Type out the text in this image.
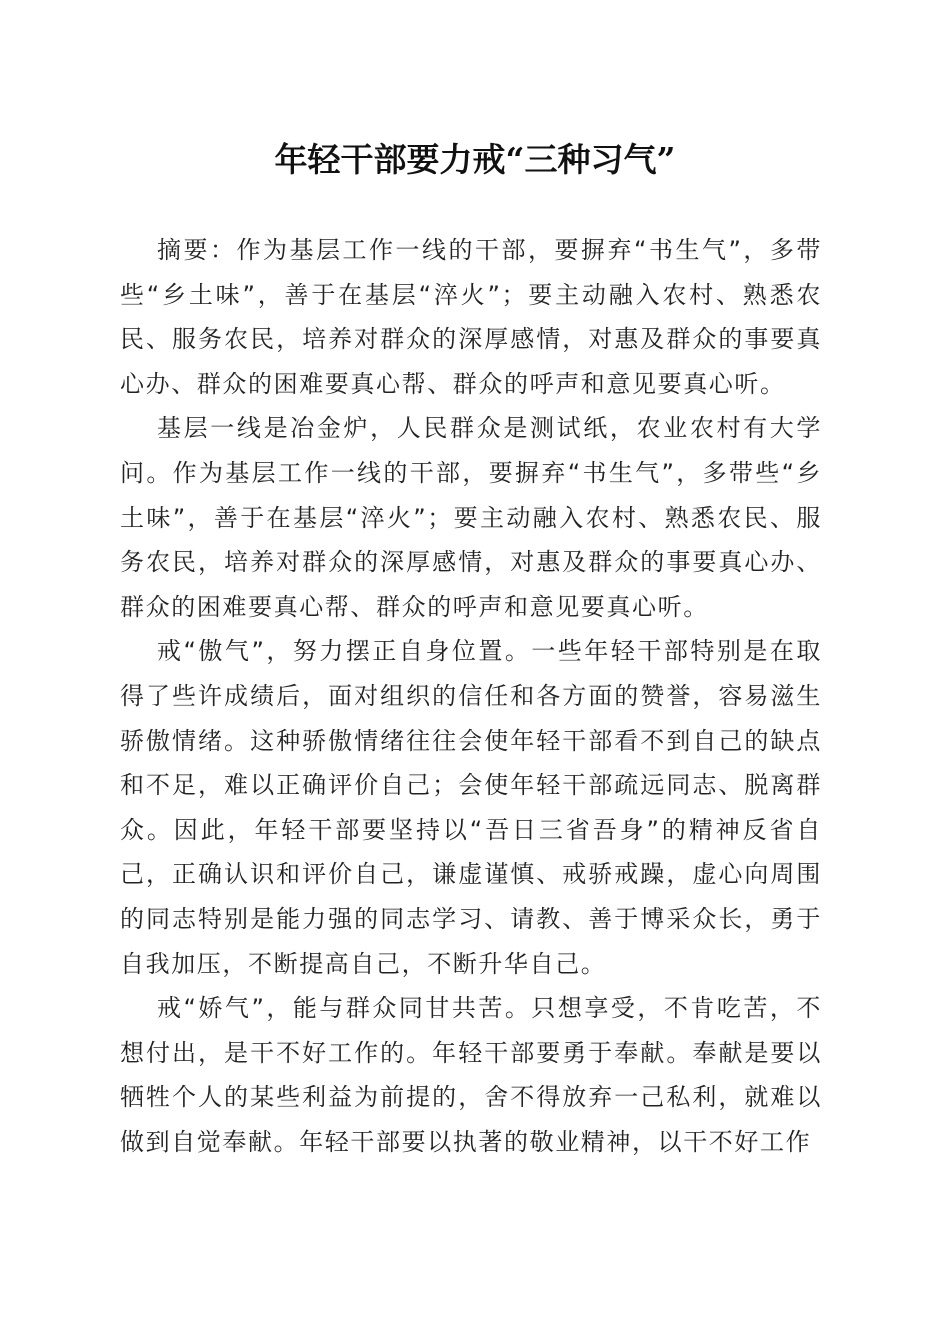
年轻干部要力戒“三种习气”

摘要：作为基层工作一线的干部，要摒弃“书生气”，多带些“乡土味”，善于在基层“淬火”；要主动融入农村、熟悉农民、服务农民，培养对群众的深厚感情，对惠及群众的事要真心办、群众的困难要真心帮、群众的呼声和意见要真心听。

基层一线是冶金炉，人民群众是测试纸，农业农村有大学问。作为基层工作一线的干部，要摒弃“书生气”，多带些“乡土味”，善于在基层“淬火”；要主动融入农村、熟悉农民、服务农民，培养对群众的深厚感情，对惠及群众的事要真心办、群众的困难要真心帮、群众的呼声和意见要真心听。

戒“傲气”，努力摆正自身位置。一些年轻干部特别是在取得了些许成绩后，面对组织的信任和各方面的赞誉，容易滋生骄傲情绪。这种骄傲情绪往往会使年轻干部看不到自己的缺点和不足，难以正确评价自己；会使年轻干部疏远同志、脱离群众。因此，年轻干部要坚持以“吾日三省吾身”的精神反省自己，正确认识和评价自己，谦虚谨慎、戒骄戒躁，虚心向周围的同志特别是能力强的同志学习、请教、善于博采众长，勇于自我加压，不断提高自己，不断升华自己。

戒“娇气”，能与群众同甘共苦。只想享受，不肯吃苦，不想付出，是干不好工作的。年轻干部要勇于奉献。奉献是要以牺牲个人的某些利益为前提的，舍不得放弃一己私利，就难以做到自觉奉献。年轻干部要以执著的敬业精神，以干不好工作
